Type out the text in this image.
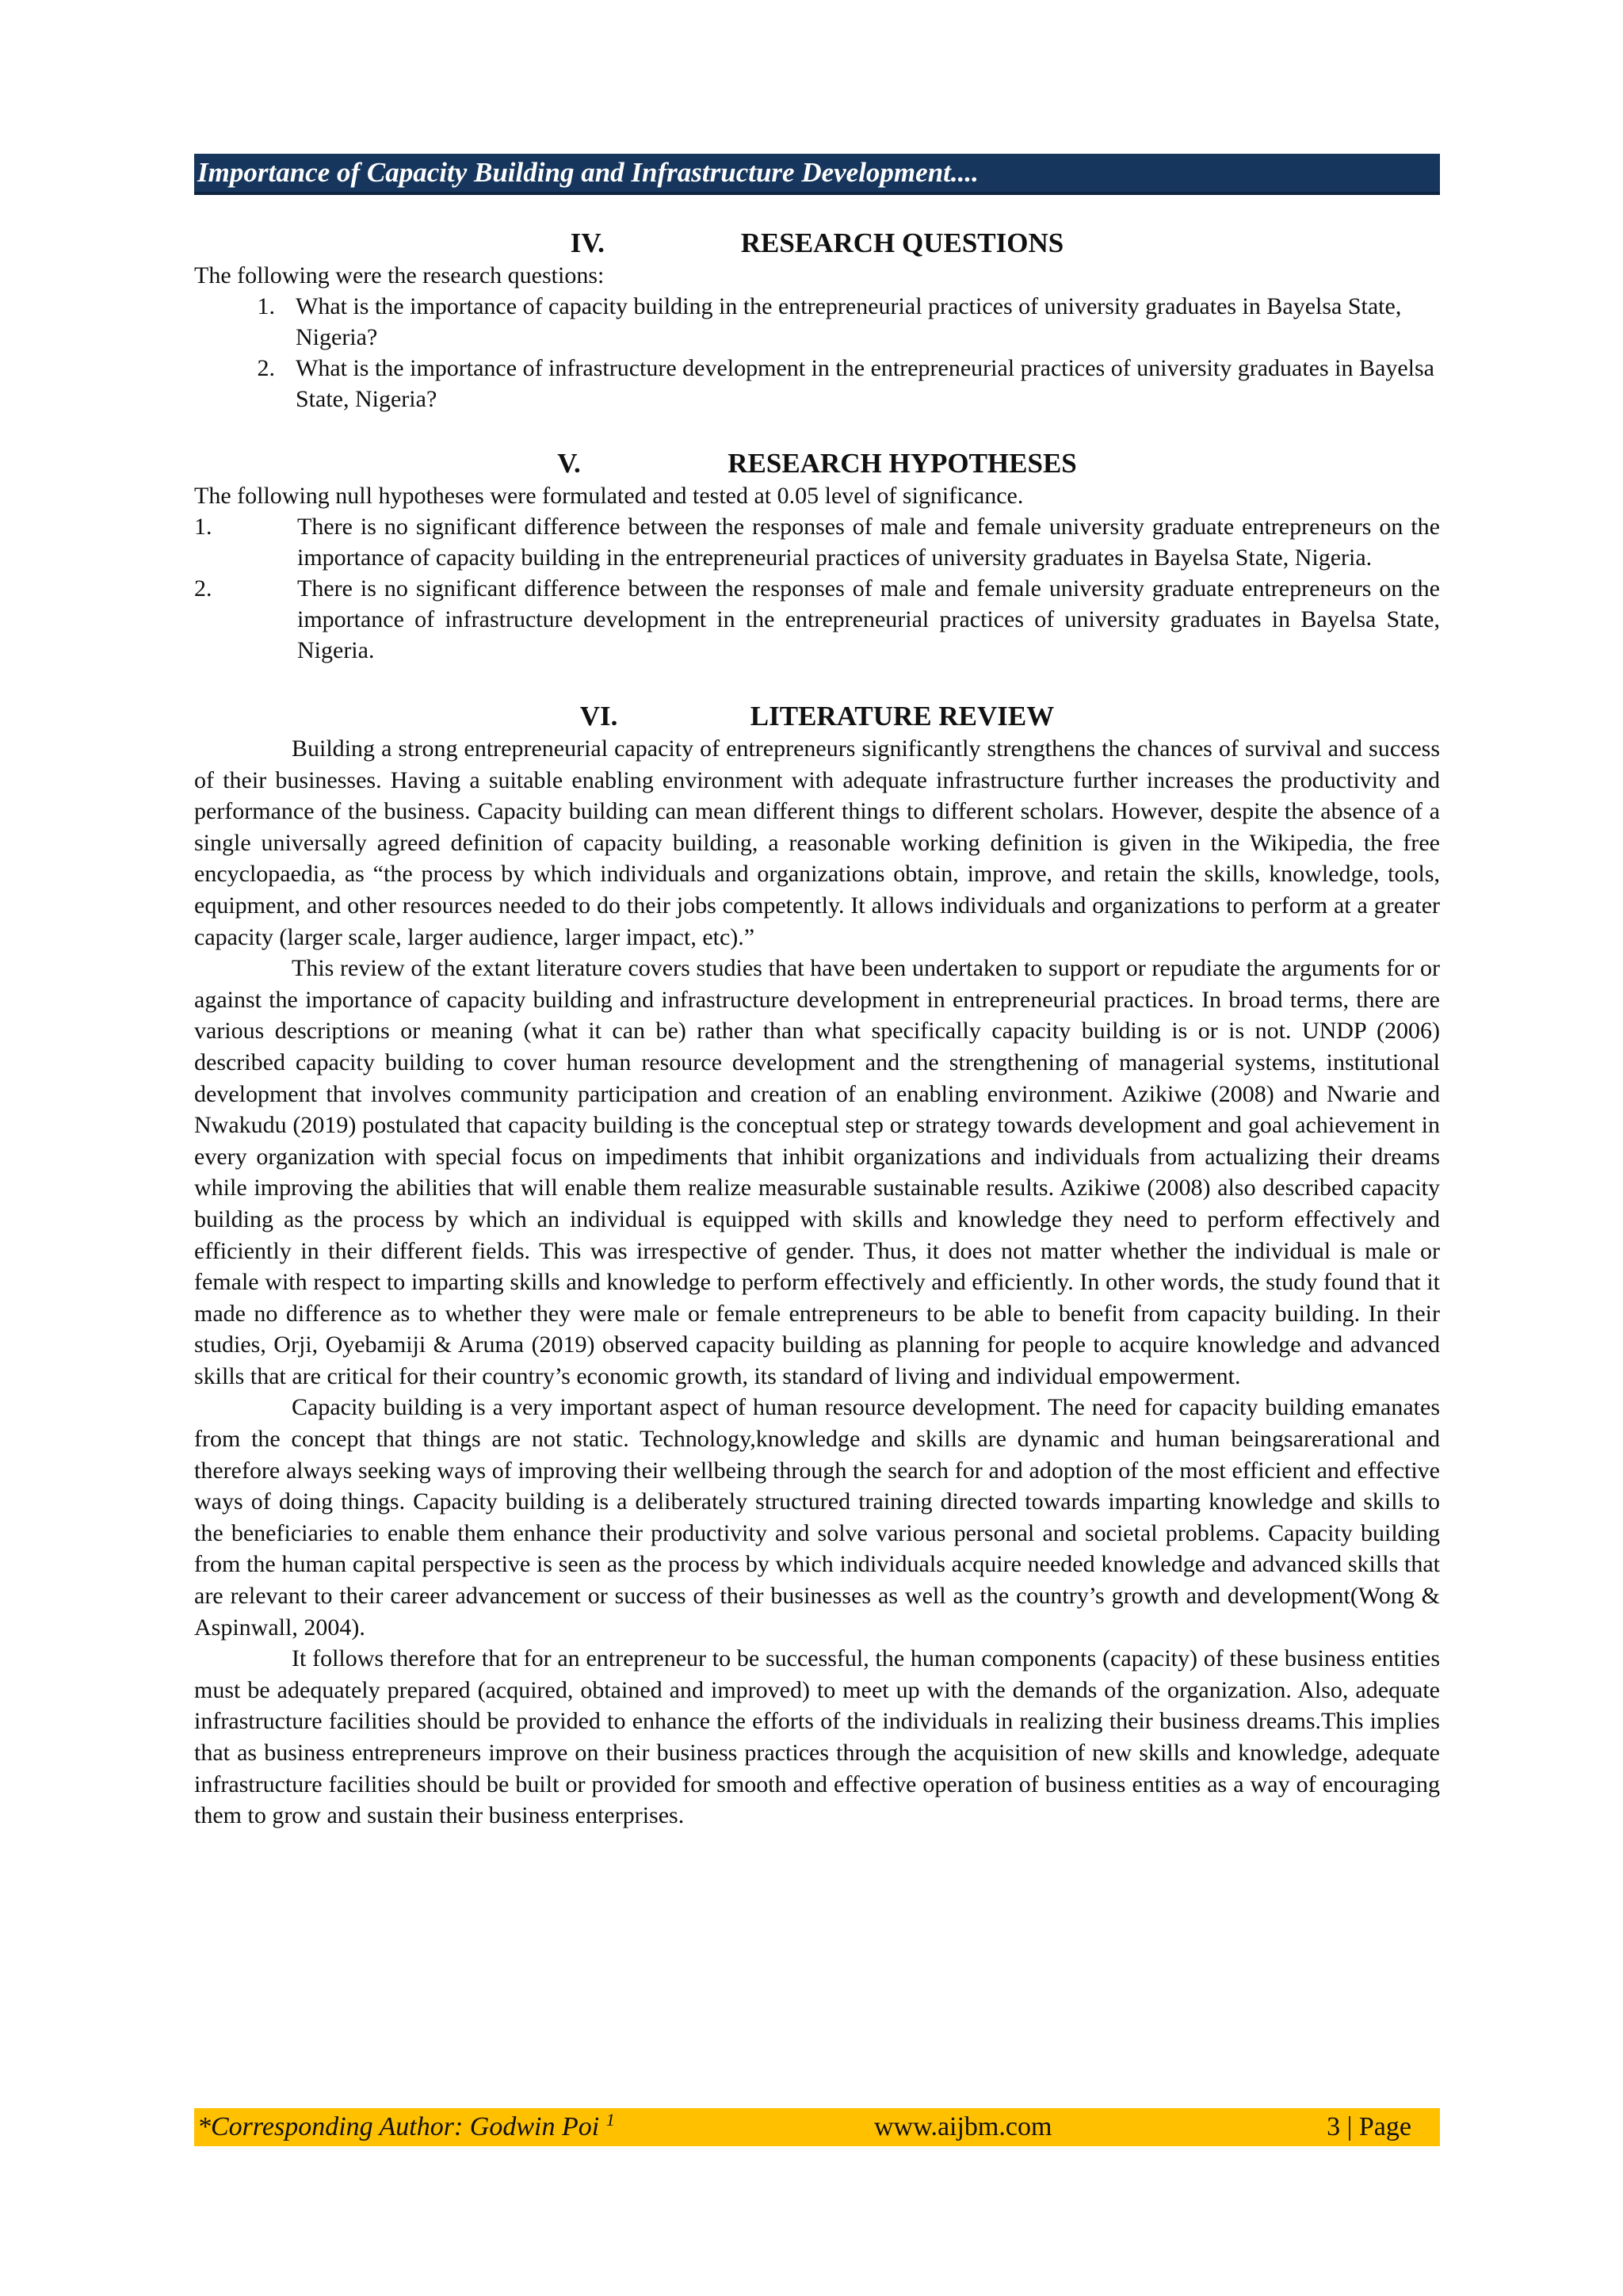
Importance of Capacity Building and Infrastructure Development....
IV.	RESEARCH QUESTIONS

The following were the research questions:

1. What is the importance of capacity building in the entrepreneurial practices of university graduates in Bayelsa State, Nigeria?
2. What is the importance of infrastructure development in the entrepreneurial practices of university graduates in Bayelsa State, Nigeria?
V.	RESEARCH HYPOTHESES

The following null hypotheses were formulated and tested at 0.05 level of significance.

1.	There is no significant difference between the responses of male and female university graduate entrepreneurs on the importance of capacity building in the entrepreneurial practices of university graduates in Bayelsa State, Nigeria.
2.	There is no significant difference between the responses of male and female university graduate entrepreneurs on the importance of infrastructure development in the entrepreneurial practices of university graduates in Bayelsa State, Nigeria.
VI.	LITERATURE REVIEW

Building a strong entrepreneurial capacity of entrepreneurs significantly strengthens the chances of survival and success of their businesses. Having a suitable enabling environment with adequate infrastructure further increases the productivity and performance of the business. Capacity building can mean different things to different scholars. However, despite the absence of a single universally agreed definition of capacity building, a reasonable working definition is given in the Wikipedia, the free encyclopaedia, as “the process by which individuals and organizations obtain, improve, and retain the skills, knowledge, tools, equipment, and other resources needed to do their jobs competently. It allows individuals and organizations to perform at a greater capacity (larger scale, larger audience, larger impact, etc).”

This review of the extant literature covers studies that have been undertaken to support or repudiate the arguments for or against the importance of capacity building and infrastructure development in entrepreneurial practices. In broad terms, there are various descriptions or meaning (what it can be) rather than what specifically capacity building is or is not. UNDP (2006) described capacity building to cover human resource development and the strengthening of managerial systems, institutional development that involves community participation and creation of an enabling environment. Azikiwe (2008) and Nwarie and Nwakudu (2019) postulated that capacity building is the conceptual step or strategy towards development and goal achievement in every organization with special focus on impediments that inhibit organizations and individuals from actualizing their dreams while improving the abilities that will enable them realize measurable sustainable results. Azikiwe (2008) also described capacity building as the process by which an individual is equipped with skills and knowledge they need to perform effectively and efficiently in their different fields. This was irrespective of gender. Thus, it does not matter whether the individual is male or female with respect to imparting skills and knowledge to perform effectively and efficiently. In other words, the study found that it made no difference as to whether they were male or female entrepreneurs to be able to benefit from capacity building. In their studies, Orji, Oyebamiji & Aruma (2019) observed capacity building as planning for people to acquire knowledge and advanced skills that are critical for their country’s economic growth, its standard of living and individual empowerment.

Capacity building is a very important aspect of human resource development. The need for capacity building emanates from the concept that things are not static. Technology,knowledge and skills are dynamic and human beingsarerational and therefore always seeking ways of improving their wellbeing through the search for and adoption of the most efficient and effective ways of doing things. Capacity building is a deliberately structured training directed towards imparting knowledge and skills to the beneficiaries to enable them enhance their productivity and solve various personal and societal problems. Capacity building from the human capital perspective is seen as the process by which individuals acquire needed knowledge and advanced skills that are relevant to their career advancement or success of their businesses as well as the country’s growth and development(Wong & Aspinwall, 2004).

It follows therefore that for an entrepreneur to be successful, the human components (capacity) of these business entities must be adequately prepared (acquired, obtained and improved) to meet up with the demands of the organization. Also, adequate infrastructure facilities should be provided to enhance the efforts of the individuals in realizing their business dreams.This implies that as business entrepreneurs improve on their business practices through the acquisition of new skills and knowledge, adequate infrastructure facilities should be built or provided for smooth and effective operation of business entities as a way of encouraging them to grow and sustain their business enterprises.

*Corresponding Author: Godwin Poi $^1$	www.aijbm.com	3 | Page
